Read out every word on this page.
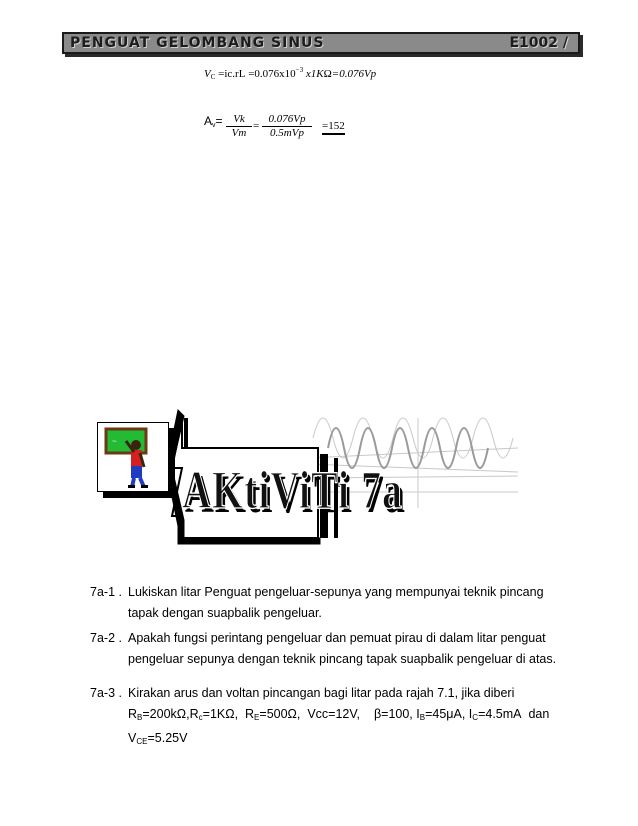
PENGUAT GELOMBANG SINUS	E1002 /
$V_C =ic.rL =0.076x10^{-3}$ x1KΩ=0.076Vp
$A_v= \frac{Vk}{Vm}$ =
0.076Vp
0.5mVp
=152
~
AKtiViTi 7a
7a-1 . Lukiskan litar Penguat pengeluar-sepunya yang mempunyai teknik pincang
tapak dengan suapbalik pengeluar.
7a-2 . Apakah fungsi perintang pengeluar dan pemuat pirau di dalam litar penguat
pengeluar sepunya dengan teknik pincang tapak suapbalik pengeluar di atas.
7a-3 . Kirakan arus dan voltan pincangan bagi litar pada rajah 7.1, jika diberi
$R_B=200k\Omega,R_c=1K\Omega$, $R_E=500\Omega$, Vcc=12V, β=100, $I_B=45\mu A$, $I_C=4.5mA$ dan
$V_{CE}=5.25V$
